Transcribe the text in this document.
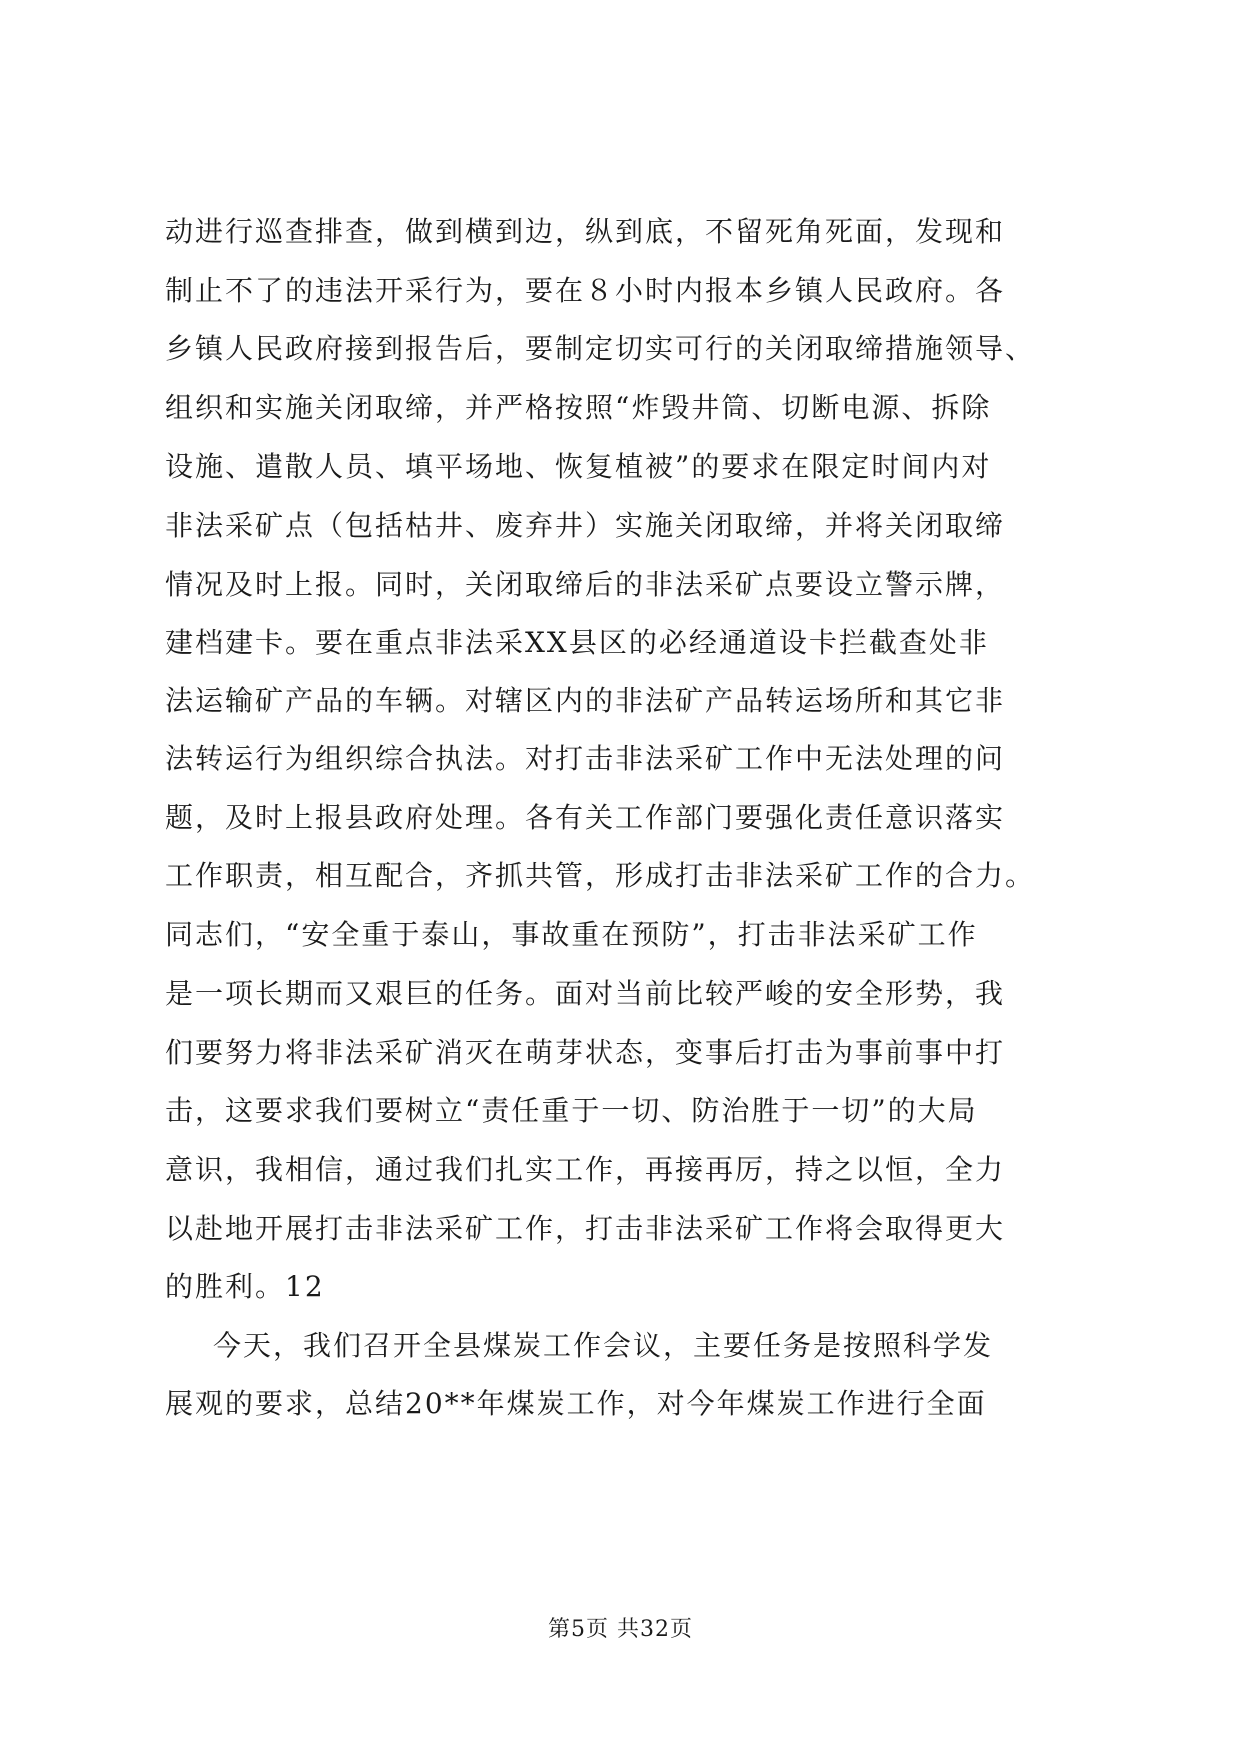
动进行巡查排查，做到横到边，纵到底，不留死角死面，发现和
制止不了的违法开采行为，要在８小时内报本乡镇人民政府。各
乡镇人民政府接到报告后，要制定切实可行的关闭取缔措施领导、
组织和实施关闭取缔，并严格按照“炸毁井筒、切断电源、拆除
设施、遣散人员、填平场地、恢复植被”的要求在限定时间内对
非法采矿点（包括枯井、废弃井）实施关闭取缔，并将关闭取缔
情况及时上报。同时，关闭取缔后的非法采矿点要设立警示牌，
建档建卡。要在重点非法采XX县区的必经通道设卡拦截查处非
法运输矿产品的车辆。对辖区内的非法矿产品转运场所和其它非
法转运行为组织综合执法。对打击非法采矿工作中无法处理的问
题，及时上报县政府处理。各有关工作部门要强化责任意识落实
工作职责，相互配合，齐抓共管，形成打击非法采矿工作的合力。
同志们，“安全重于泰山，事故重在预防”，打击非法采矿工作
是一项长期而又艰巨的任务。面对当前比较严峻的安全形势，我
们要努力将非法采矿消灭在萌芽状态，变事后打击为事前事中打
击，这要求我们要树立“责任重于一切、防治胜于一切”的大局
意识，我相信，通过我们扎实工作，再接再厉，持之以恒，全力
以赴地开展打击非法采矿工作，打击非法采矿工作将会取得更大
的胜利。12
今天，我们召开全县煤炭工作会议，主要任务是按照科学发
展观的要求，总结20**年煤炭工作，对今年煤炭工作进行全面
第5页 共32页
